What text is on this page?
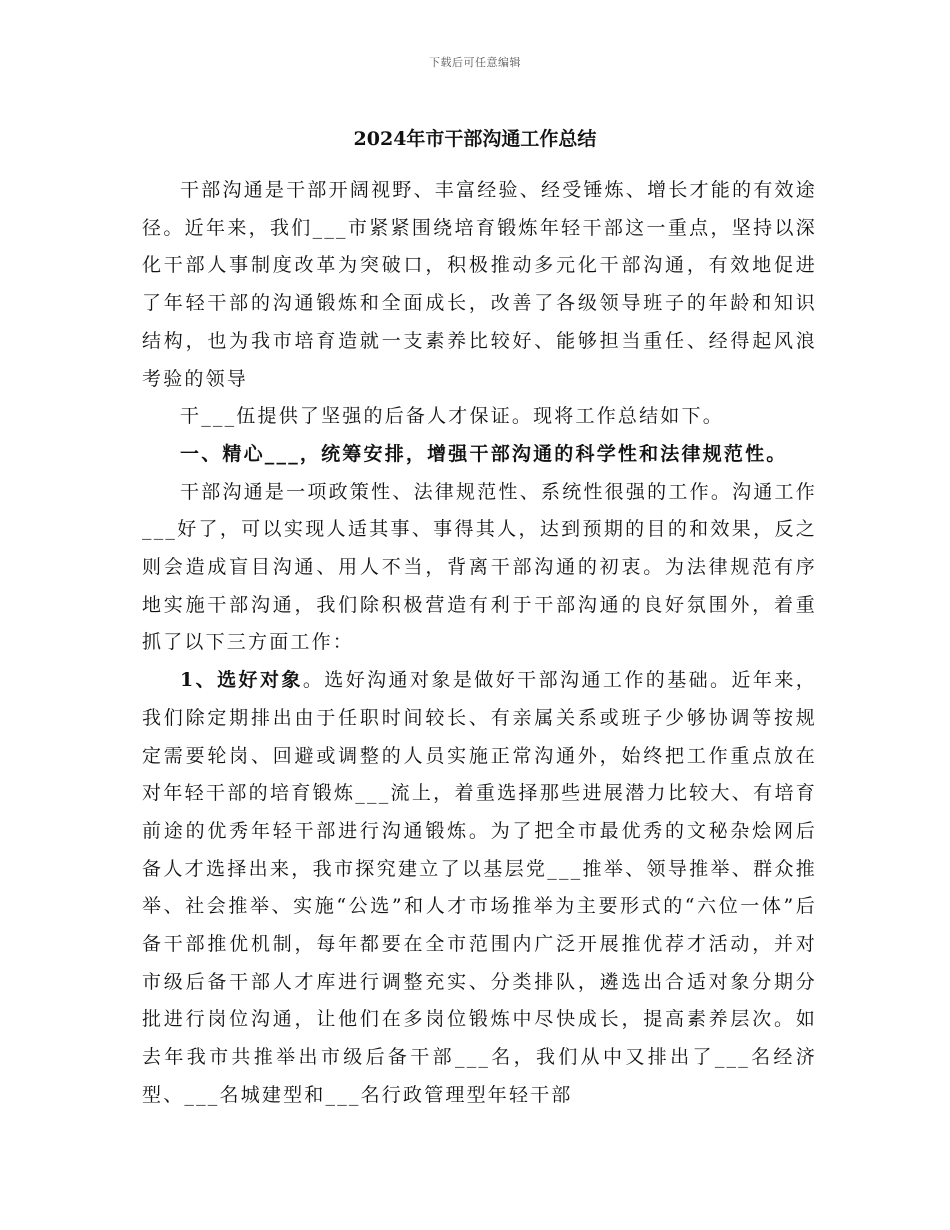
下载后可任意编辑
2024年市干部沟通工作总结

干部沟通是干部开阔视野、丰富经验、经受锤炼、增长才能的有效途径。近年来，我们___市紧紧围绕培育锻炼年轻干部这一重点，坚持以深化干部人事制度改革为突破口，积极推动多元化干部沟通，有效地促进了年轻干部的沟通锻炼和全面成长，改善了各级领导班子的年龄和知识结构，也为我市培育造就一支素养比较好、能够担当重任、经得起风浪考验的领导

干___伍提供了坚强的后备人才保证。现将工作总结如下。

一、精心___，统筹安排，增强干部沟通的科学性和法律规范性。

干部沟通是一项政策性、法律规范性、系统性很强的工作。沟通工作___好了，可以实现人适其事、事得其人，达到预期的目的和效果，反之则会造成盲目沟通、用人不当，背离干部沟通的初衷。为法律规范有序地实施干部沟通，我们除积极营造有利于干部沟通的良好氛围外，着重抓了以下三方面工作：

1、选好对象。选好沟通对象是做好干部沟通工作的基础。近年来，我们除定期排出由于任职时间较长、有亲属关系或班子少够协调等按规定需要轮岗、回避或调整的人员实施正常沟通外，始终把工作重点放在对年轻干部的培育锻炼___流上，着重选择那些进展潜力比较大、有培育前途的优秀年轻干部进行沟通锻炼。为了把全市最优秀的文秘杂烩网后备人才选择出来，我市探究建立了以基层党___推举、领导推举、群众推举、社会推举、实施“公选”和人才市场推举为主要形式的“六位一体”后备干部推优机制，每年都要在全市范围内广泛开展推优荐才活动，并对市级后备干部人才库进行调整充实、分类排队，遴选出合适对象分期分批进行岗位沟通，让他们在多岗位锻炼中尽快成长，提高素养层次。如去年我市共推举出市级后备干部___名，我们从中又排出了___名经济型、___名城建型和___名行政管理型年轻干部
